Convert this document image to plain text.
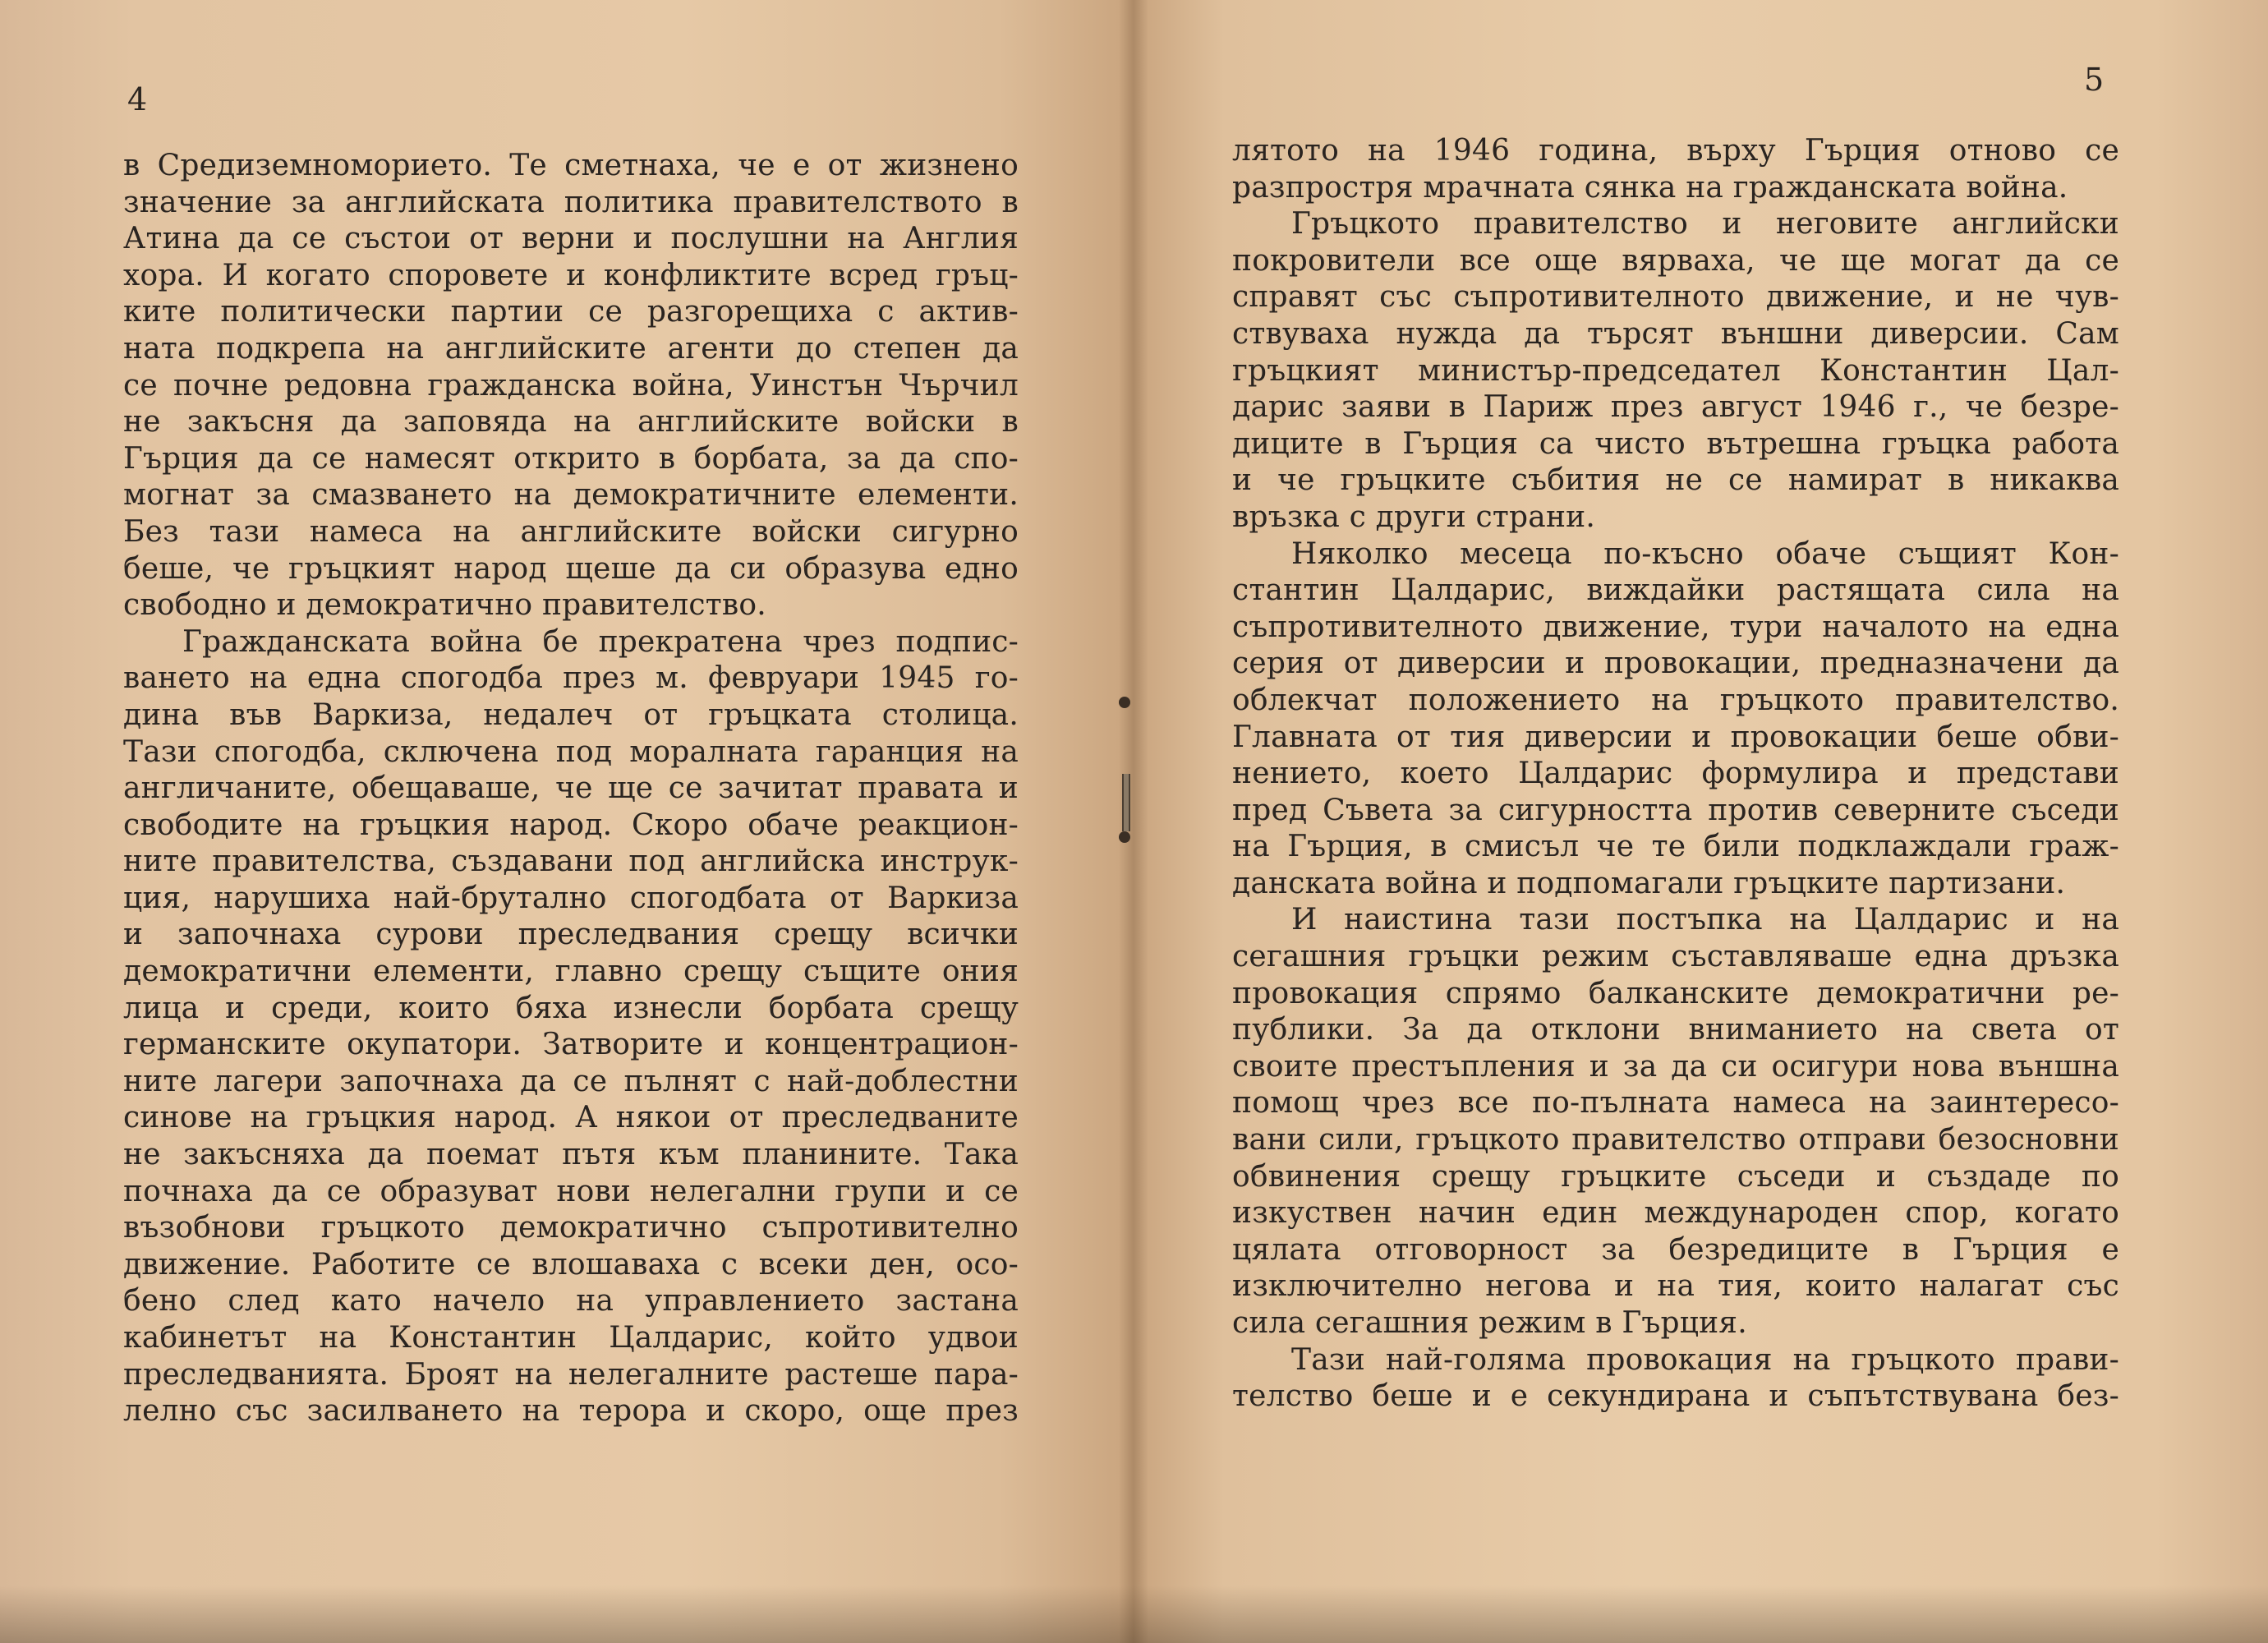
4
в Средиземноморието. Те сметнаха, че е от жизнено
значение за английската политика правителството в
Атина да се състои от верни и послушни на Англия
хора. И когато споровете и конфликтите всред гръц-
ките политически партии се разгорещиха с актив-
ната подкрепа на английските агенти до степен да
се почне редовна гражданска война, Уинстън Чърчил
не закъсня да заповяда на английските войски в
Гърция да се намесят открито в борбата, за да спо-
могнат за смазването на демократичните елементи.
Без тази намеса на английските войски сигурно
беше, че гръцкият народ щеше да си образува едно
свободно и демократично правителство.
Гражданската война бе прекратена чрез подпис-
ването на една спогодба през м. февруари 1945 го-
дина във Варкиза, недалеч от гръцката столица.
Тази спогодба, сключена под моралната гаранция на
англичаните, обещаваше, че ще се зачитат правата и
свободите на гръцкия народ. Скоро обаче реакцион-
ните правителства, създавани под английска инструк-
ция, нарушиха най-брутално спогодбата от Варкиза
и започнаха сурови преследвания срещу всички
демократични елементи, главно срещу същите ония
лица и среди, които бяха изнесли борбата срещу
германските окупатори. Затворите и концентрацион-
ните лагери започнаха да се пълнят с най-доблестни
синове на гръцкия народ. А някои от преследваните
не закъсняха да поемат пътя към планините. Така
почнаха да се образуват нови нелегални групи и се
възобнови гръцкото демократично съпротивително
движение. Работите се влошаваха с всеки ден, осо-
бено след като начело на управлението застана
кабинетът на Константин Цалдарис, който удвои
преследванията. Броят на нелегалните растеше пара-
лелно със засилването на терора и скоро, още през
5
лятото на 1946 година, върху Гърция отново се
разпростря мрачната сянка на гражданската война.
Гръцкото правителство и неговите английски
покровители все още вярваха, че ще могат да се
справят със съпротивителното движение, и не чув-
ствуваха нужда да търсят външни диверсии. Сам
гръцкият министър-председател Константин Цал-
дарис заяви в Париж през август 1946 г., че безре-
диците в Гърция са чисто вътрешна гръцка работа
и че гръцките събития не се намират в никаква
връзка с други страни.
Няколко месеца по-късно обаче същият Кон-
стантин Цалдарис, виждайки растящата сила на
съпротивителното движение, тури началото на една
серия от диверсии и провокации, предназначени да
облекчат положението на гръцкото правителство.
Главната от тия диверсии и провокации беше обви-
нението, което Цалдарис формулира и представи
пред Съвета за сигурността против северните съседи
на Гърция, в смисъл че те били подклаждали граж-
данската война и подпомагали гръцките партизани.
И наистина тази постъпка на Цалдарис и на
сегашния гръцки режим съставляваше една дръзка
провокация спрямо балканските демократични ре-
публики. За да отклони вниманието на света от
своите престъпления и за да си осигури нова външна
помощ чрез все по-пълната намеса на заинтересо-
вани сили, гръцкото правителство отправи безосновни
обвинения срещу гръцките съседи и създаде по
изкуствен начин един международен спор, когато
цялата отговорност за безредиците в Гърция е
изключително негова и на тия, които налагат със
сила сегашния режим в Гърция.
Тази най-голяма провокация на гръцкото прави-
телство беше и е секундирана и съпътствувана без-
